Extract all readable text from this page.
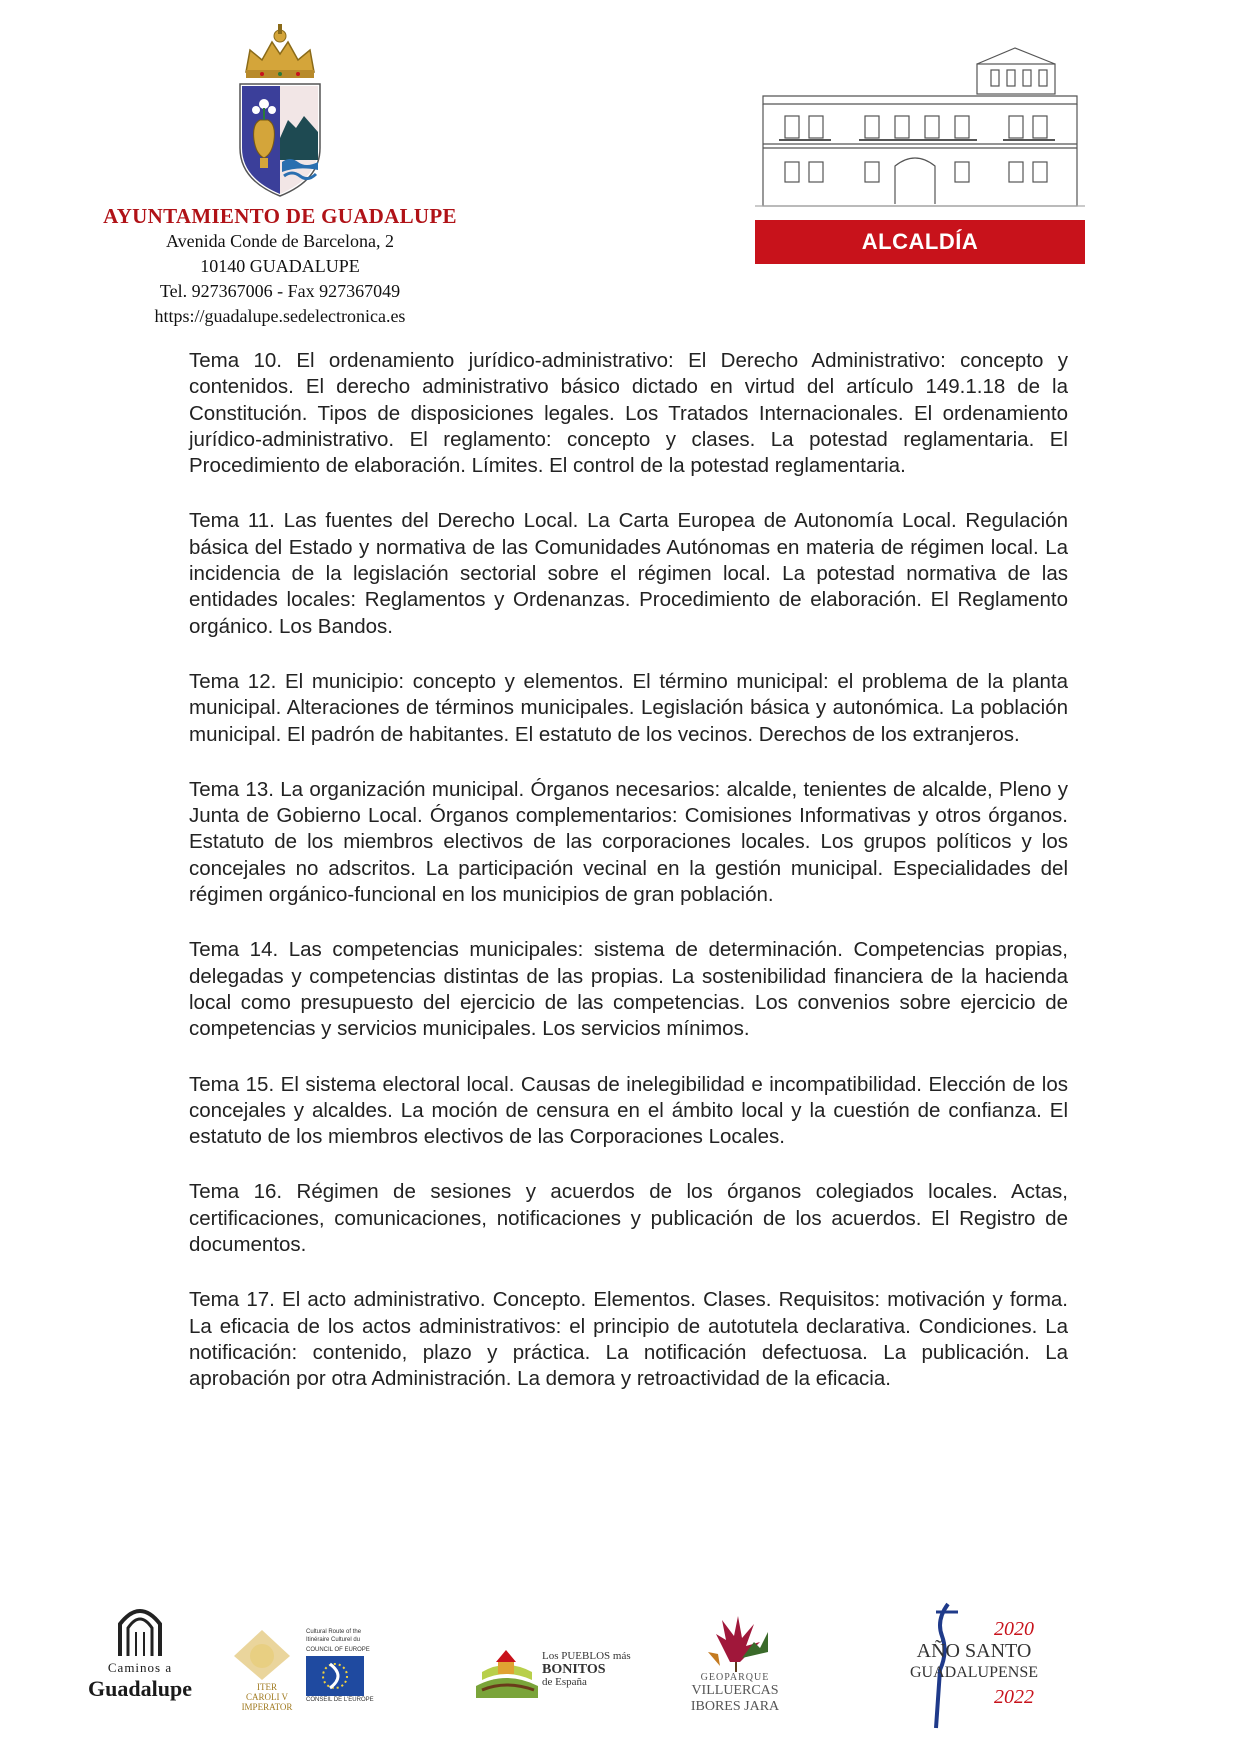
AYUNTAMIENTO DE GUADALUPE
Avenida Conde de Barcelona, 2
10140 GUADALUPE
Tel. 927367006 - Fax 927367049
https://guadalupe.sedelectronica.es
ALCALDÍA

Tema 10. El ordenamiento jurídico-administrativo: El Derecho Administrativo: concepto y contenidos. El derecho administrativo básico dictado en virtud del artículo 149.1.18 de la Constitución. Tipos de disposiciones legales. Los Tratados Internacionales. El ordenamiento jurídico-administrativo. El reglamento: concepto y clases. La potestad reglamentaria. El Procedimiento de elaboración. Límites. El control de la potestad reglamentaria.

Tema 11. Las fuentes del Derecho Local. La Carta Europea de Autonomía Local. Regulación básica del Estado y normativa de las Comunidades Autónomas en materia de régimen local. La incidencia de la legislación sectorial sobre el régimen local. La potestad normativa de las entidades locales: Reglamentos y Ordenanzas. Procedimiento de elaboración. El Reglamento orgánico. Los Bandos.

Tema 12. El municipio: concepto y elementos. El término municipal: el problema de la planta municipal. Alteraciones de términos municipales. Legislación básica y autonómica. La población municipal. El padrón de habitantes. El estatuto de los vecinos. Derechos de los extranjeros.

Tema 13. La organización municipal. Órganos necesarios: alcalde, tenientes de alcalde, Pleno y Junta de Gobierno Local. Órganos complementarios: Comisiones Informativas y otros órganos. Estatuto de los miembros electivos de las corporaciones locales. Los grupos políticos y los concejales no adscritos. La participación vecinal en la gestión municipal. Especialidades del régimen orgánico-funcional en los municipios de gran población.

Tema 14. Las competencias municipales: sistema de determinación. Competencias propias, delegadas y competencias distintas de las propias. La sostenibilidad financiera de la hacienda local como presupuesto del ejercicio de las competencias. Los convenios sobre ejercicio de competencias y servicios municipales. Los servicios mínimos.

Tema 15. El sistema electoral local. Causas de inelegibilidad e incompatibilidad. Elección de los concejales y alcaldes. La moción de censura en el ámbito local y la cuestión de confianza. El estatuto de los miembros electivos de las Corporaciones Locales.

Tema 16. Régimen de sesiones y acuerdos de los órganos colegiados locales. Actas, certificaciones, comunicaciones, notificaciones y publicación de los acuerdos. El Registro de documentos.

Tema 17. El acto administrativo. Concepto. Elementos. Clases. Requisitos: motivación y forma. La eficacia de los actos administrativos: el principio de autotutela declarativa. Condiciones. La notificación: contenido, plazo y práctica. La notificación defectuosa. La publicación. La aprobación por otra Administración. La demora y retroactividad de la eficacia.

Caminos a
Guadalupe	ITER
CAROLI V
IMPERATOR
Cultural Route of the
Itinéraire Culturel du
COUNCIL OF EUROPE
CONSEIL DE L'EUROPE
Los PUEBLOS más
BONITOS
de España	GEOPARQUE
VILLUERCAS
IBORES JARA
2020
AÑO SANTO
GUADALUPENSE
2022
